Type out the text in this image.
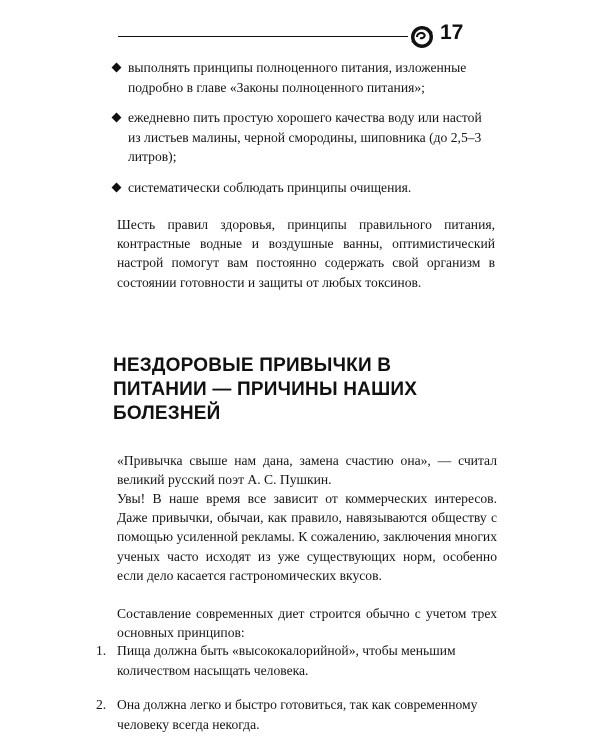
17
выполнять принципы полноценного питания, изложенные подробно в главе «Законы полноценного питания»;
ежедневно пить простую хорошего качества воду или настой из листьев малины, черной смородины, шиповника (до 2,5–3 литров);
систематически соблюдать принципы очищения.

Шесть правил здоровья, принципы правильного питания, контрастные водные и воздушные ванны, оптимистический настрой помогут вам постоянно содержать свой организм в состоянии готовности и защиты от любых токсинов.

НЕЗДОРОВЫЕ ПРИВЫЧКИ В ПИТАНИИ — ПРИЧИНЫ НАШИХ БОЛЕЗНЕЙ

«Привычка свыше нам дана, замена счастию она», — считал великий русский поэт А. С. Пушкин.

Увы! В наше время все зависит от коммерческих интересов. Даже привычки, обычаи, как правило, навязываются обществу с помощью усиленной рекламы. К сожалению, заключения многих ученых часто исходят из уже существующих норм, особенно если дело касается гастрономических вкусов.

Составление современных диет строится обычно с учетом трех основных принципов:

1. Пища должна быть «высококалорийной», чтобы меньшим количеством насыщать человека.
2. Она должна легко и быстро готовиться, так как современному человеку всегда некогда.
